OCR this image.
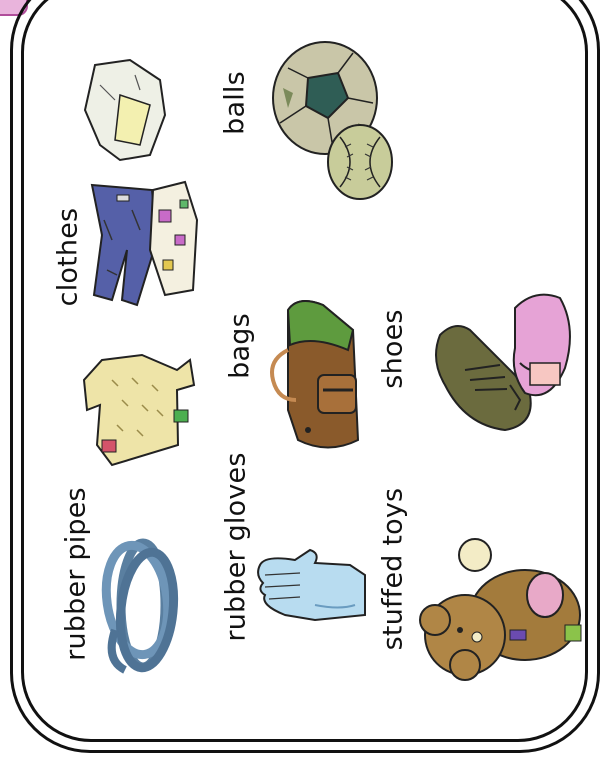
rubber pipes
clothes
rubber gloves
bags
balls
stuffed toys
shoes
